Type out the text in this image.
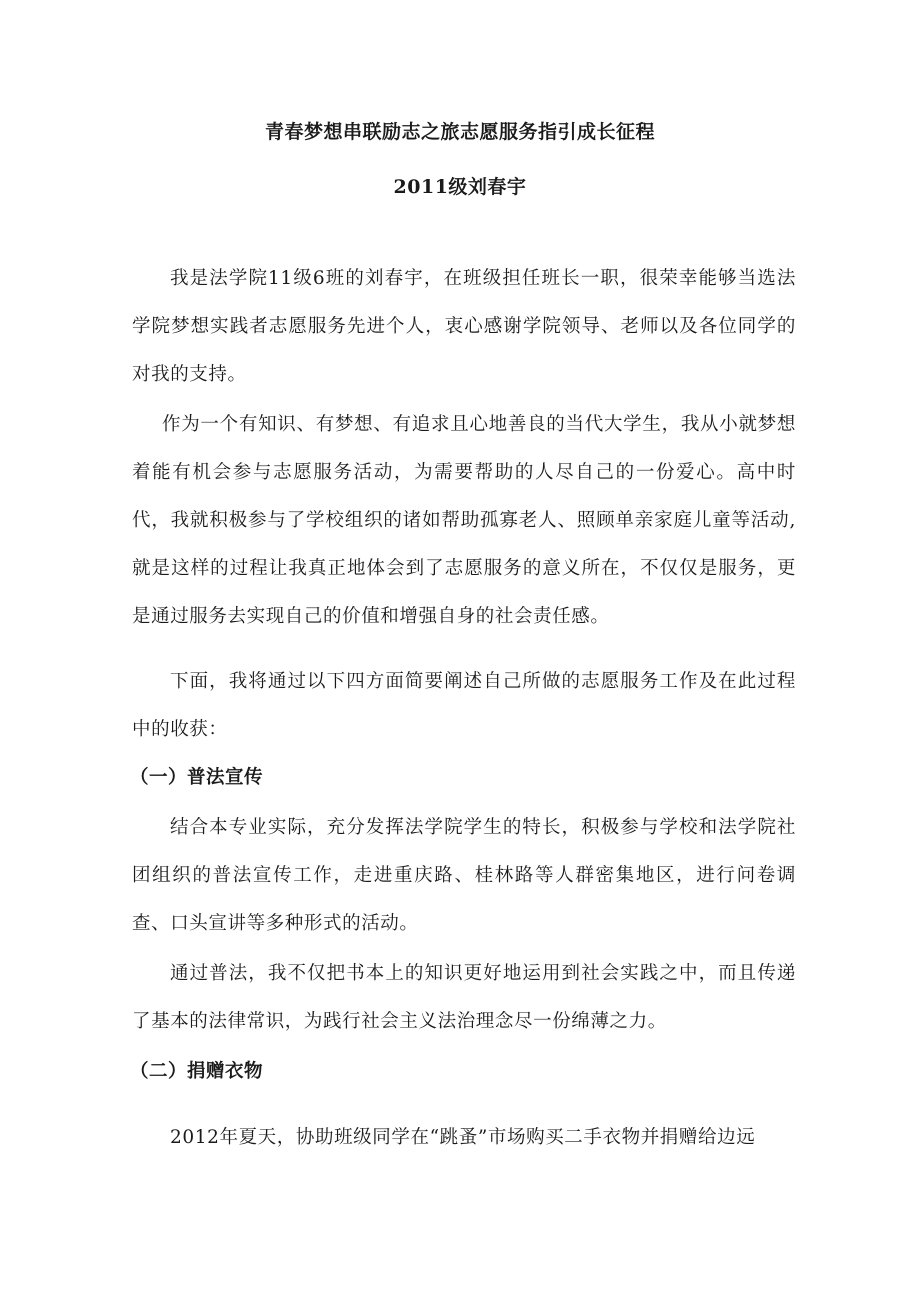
青春梦想串联励志之旅志愿服务指引成长征程
2011级刘春宇

我是法学院11级6班的刘春宇，在班级担任班长一职，很荣幸能够当选法学院梦想实践者志愿服务先进个人，衷心感谢学院领导、老师以及各位同学的对我的支持。

作为一个有知识、有梦想、有追求且心地善良的当代大学生，我从小就梦想着能有机会参与志愿服务活动，为需要帮助的人尽自己的一份爱心。高中时代，我就积极参与了学校组织的诸如帮助孤寡老人、照顾单亲家庭儿童等活动,就是这样的过程让我真正地体会到了志愿服务的意义所在，不仅仅是服务，更是通过服务去实现自己的价值和增强自身的社会责任感。

下面，我将通过以下四方面简要阐述自己所做的志愿服务工作及在此过程中的收获：

（一）普法宣传

结合本专业实际，充分发挥法学院学生的特长，积极参与学校和法学院社团组织的普法宣传工作，走进重庆路、桂林路等人群密集地区，进行问卷调查、口头宣讲等多种形式的活动。

通过普法，我不仅把书本上的知识更好地运用到社会实践之中，而且传递了基本的法律常识，为践行社会主义法治理念尽一份绵薄之力。

（二）捐赠衣物

2012年夏天，协助班级同学在“跳蚤”市场购买二手衣物并捐赠给边远
